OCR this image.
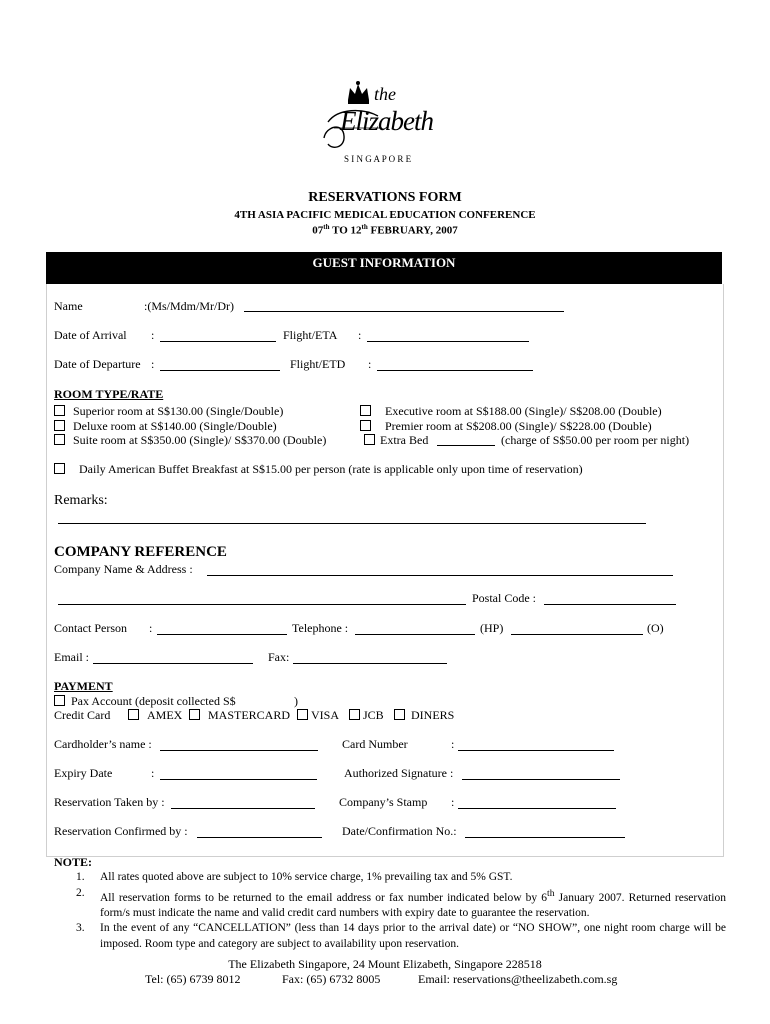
the
Elizabeth
S I N G A P O R E
RESERVATIONS FORM
4TH ASIA PACIFIC MEDICAL EDUCATION CONFERENCE
07th TO 12th FEBRUARY, 2007
GUEST INFORMATION
Name	:(Ms/Mdm/Mr/Dr)
Date of Arrival :	Flight/ETA :
Date of Departure :	Flight/ETD :
ROOM TYPE/RATE
Superior room at S$130.00 (Single/Double)
Deluxe room at S$140.00 (Single/Double)
Suite room at S$350.00 (Single)/ S$370.00 (Double)
Executive room at S$188.00 (Single)/ S$208.00 (Double)
Premier room at S$208.00 (Single)/ S$228.00 (Double)
Extra Bed	(charge of S$50.00 per room per night)
Daily American Buffet Breakfast at S$15.00 per person (rate is applicable only upon time of reservation)
Remarks:
COMPANY REFERENCE
Company Name & Address :
Postal Code :
Contact Person :	Telephone :	(HP)	(O)
Email :	Fax:
PAYMENT
Pax Account (deposit collected S$	)
Credit Card	AMEX	MASTERCARD	VISA	JCB	DINERS
Cardholder’s name :	Card Number	:
Expiry Date	:	Authorized Signature :
Reservation Taken by :	Company’s Stamp :
Reservation Confirmed by :	Date/Confirmation No.:
NOTE:
1.	All rates quoted above are subject to 10% service charge, 1% prevailing tax and 5% GST.
2.	All reservation forms to be returned to the email address or fax number indicated below by 6th January 2007. Returned reservation form/s must indicate the name and valid credit card numbers with expiry date to guarantee the reservation.
3.	In the event of any “CANCELLATION” (less than 14 days prior to the arrival date) or “NO SHOW”, one night room charge will be imposed. Room type and category are subject to availability upon reservation.
The Elizabeth Singapore, 24 Mount Elizabeth, Singapore 228518
Tel: (65) 6739 8012	Fax: (65) 6732 8005	Email: reservations@theelizabeth.com.sg
